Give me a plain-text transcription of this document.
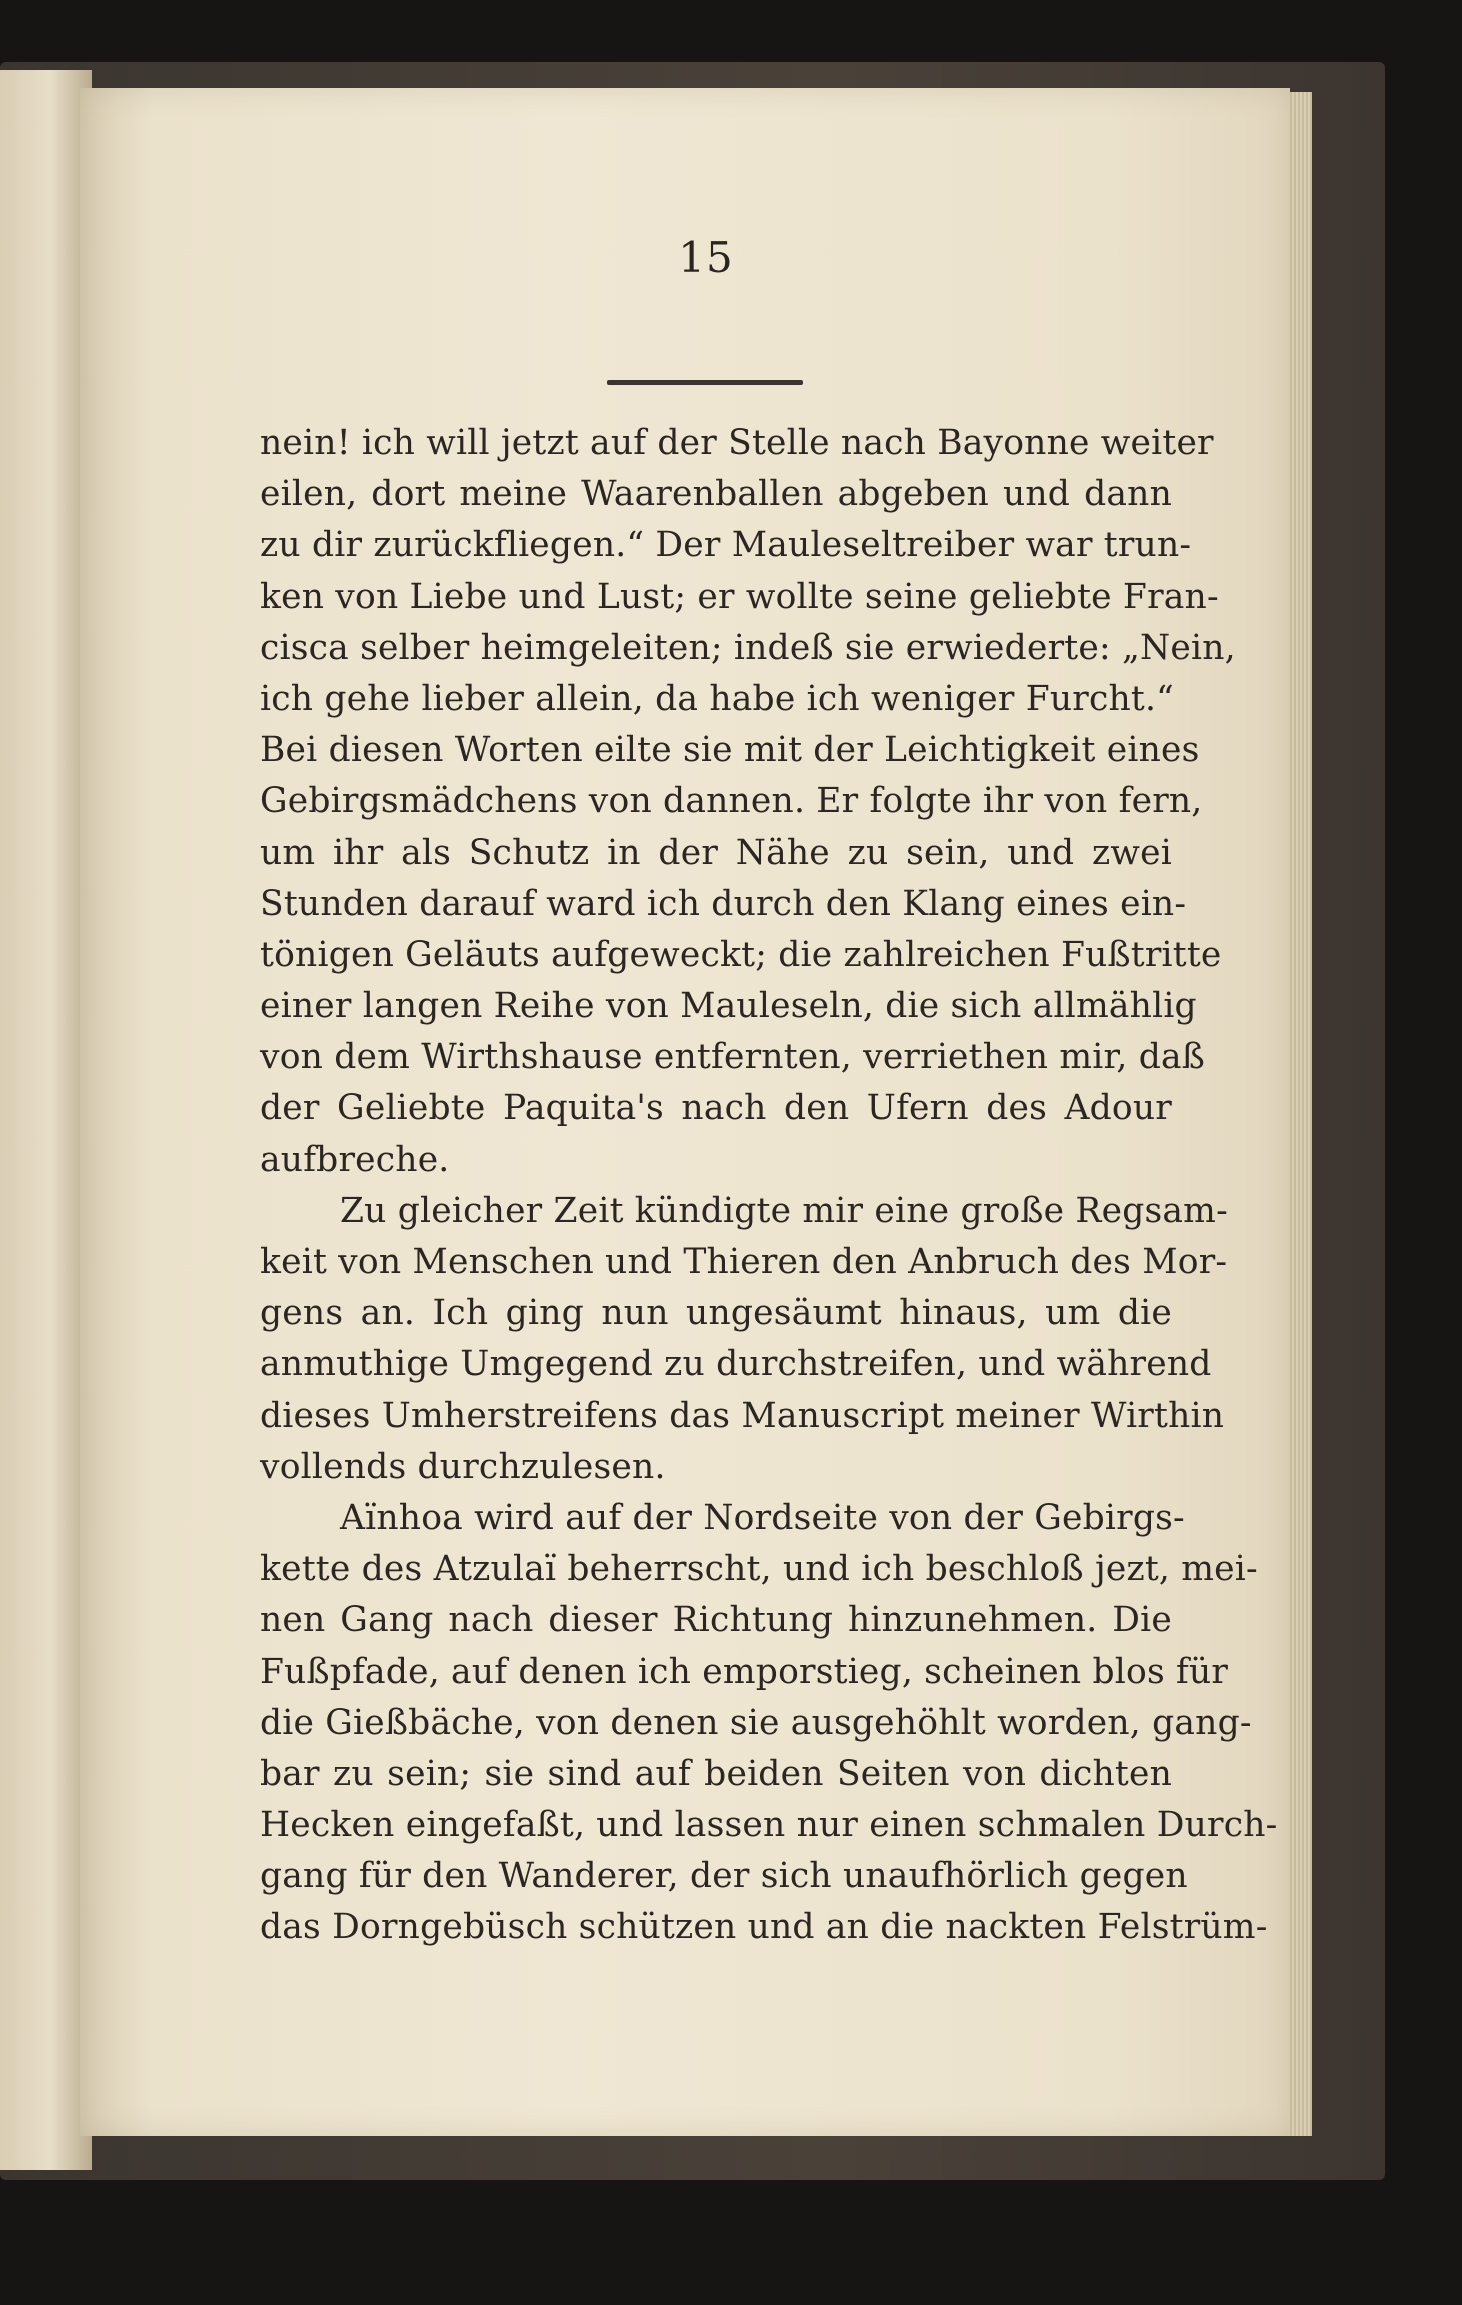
15
nein! ich will jetzt auf der Stelle nach Bayonne weiter
eilen, dort meine Waarenballen abgeben und dann
zu dir zurückfliegen.“ Der Mauleseltreiber war trun-
ken von Liebe und Lust; er wollte seine geliebte Fran-
cisca selber heimgeleiten; indeß sie erwiederte: „Nein,
ich gehe lieber allein, da habe ich weniger Furcht.“
Bei diesen Worten eilte sie mit der Leichtigkeit eines
Gebirgsmädchens von dannen. Er folgte ihr von fern,
um ihr als Schutz in der Nähe zu sein, und zwei
Stunden darauf ward ich durch den Klang eines ein-
tönigen Geläuts aufgeweckt; die zahlreichen Fußtritte
einer langen Reihe von Mauleseln, die sich allmählig
von dem Wirthshause entfernten, verriethen mir, daß
der Geliebte Paquita's nach den Ufern des Adour
aufbreche.
Zu gleicher Zeit kündigte mir eine große Regsam-
keit von Menschen und Thieren den Anbruch des Mor-
gens an. Ich ging nun ungesäumt hinaus, um die
anmuthige Umgegend zu durchstreifen, und während
dieses Umherstreifens das Manuscript meiner Wirthin
vollends durchzulesen.
Aïnhoa wird auf der Nordseite von der Gebirgs-
kette des Atzulaï beherrscht, und ich beschloß jezt, mei-
nen Gang nach dieser Richtung hinzunehmen. Die
Fußpfade, auf denen ich emporstieg, scheinen blos für
die Gießbäche, von denen sie ausgehöhlt worden, gang-
bar zu sein; sie sind auf beiden Seiten von dichten
Hecken eingefaßt, und lassen nur einen schmalen Durch-
gang für den Wanderer, der sich unaufhörlich gegen
das Dorngebüsch schützen und an die nackten Felstrüm-
